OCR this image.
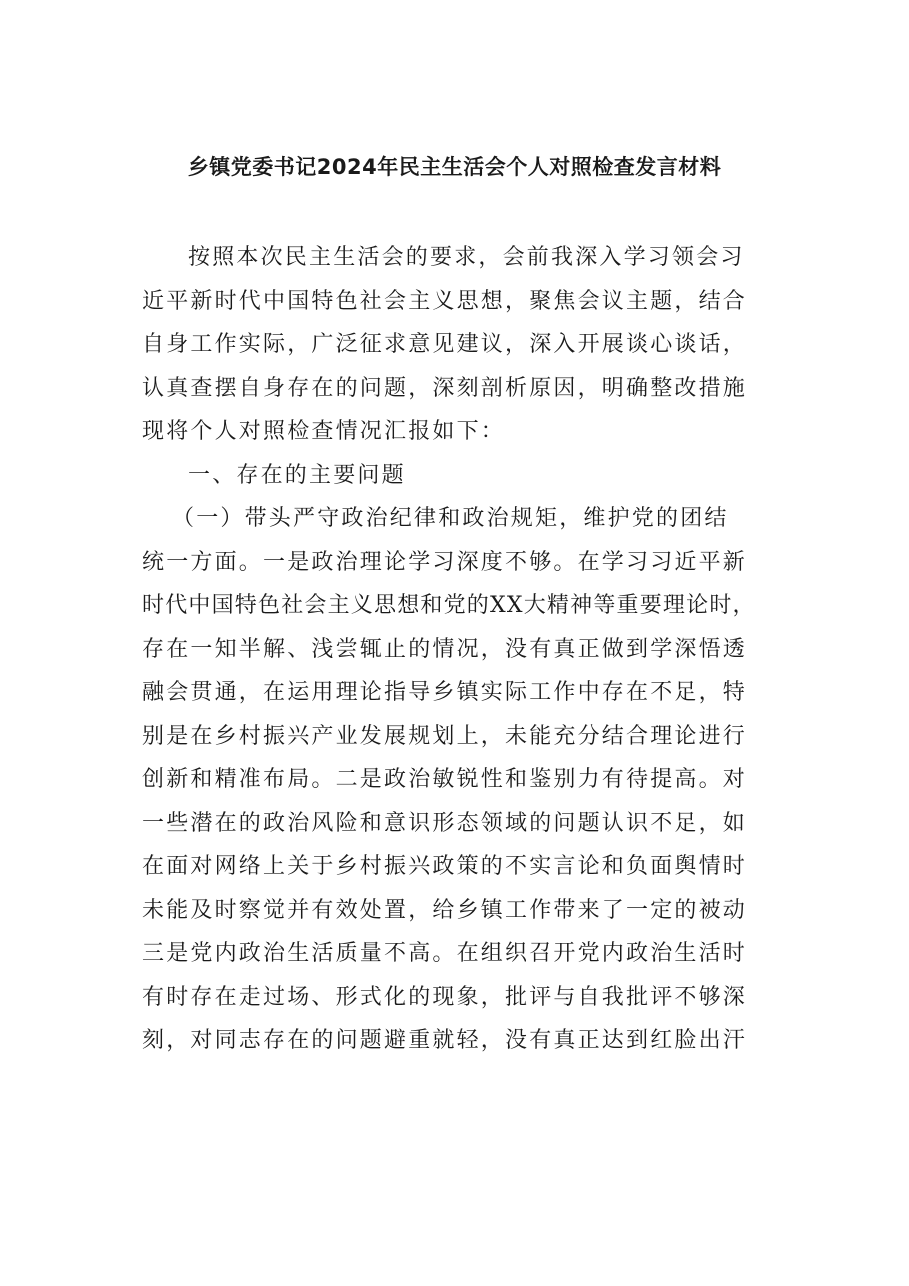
乡镇党委书记2024年民主生活会个人对照检查发言材料
按照本次民主生活会的要求，会前我深入学习领会习
近平新时代中国特色社会主义思想，聚焦会议主题，结合
自身工作实际，广泛征求意见建议，深入开展谈心谈话，
认真查摆自身存在的问题，深刻剖析原因，明确整改措施
现将个人对照检查情况汇报如下：
一、存在的主要问题
（一）带头严守政治纪律和政治规矩，维护党的团结
统一方面。一是政治理论学习深度不够。在学习习近平新
时代中国特色社会主义思想和党的XX大精神等重要理论时，
存在一知半解、浅尝辄止的情况，没有真正做到学深悟透
融会贯通，在运用理论指导乡镇实际工作中存在不足，特
别是在乡村振兴产业发展规划上，未能充分结合理论进行
创新和精准布局。二是政治敏锐性和鉴别力有待提高。对
一些潜在的政治风险和意识形态领域的问题认识不足，如
在面对网络上关于乡村振兴政策的不实言论和负面舆情时
未能及时察觉并有效处置，给乡镇工作带来了一定的被动
三是党内政治生活质量不高。在组织召开党内政治生活时
有时存在走过场、形式化的现象，批评与自我批评不够深
刻，对同志存在的问题避重就轻，没有真正达到红脸出汗
